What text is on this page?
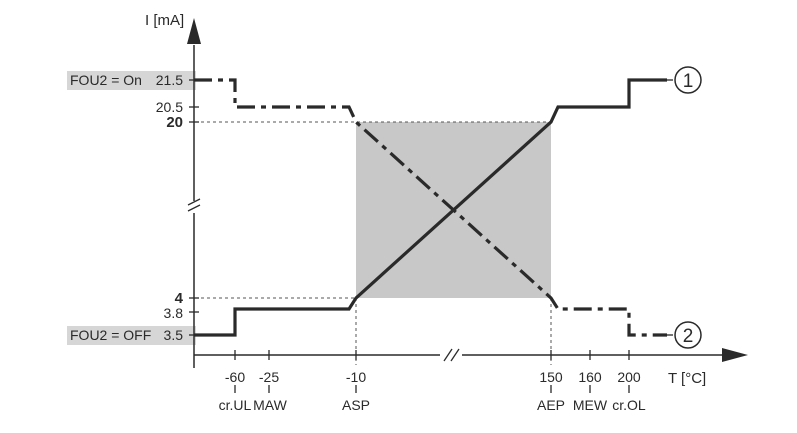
1
2
I [mA]
T [°C]
FOU2 = On 21.5
20.5
20
4
3.8
FOU2 = OFF 3.5
-60
cr.UL
-25
MAW
-10
ASP
150
AEP
160
MEW
200
cr.OL
